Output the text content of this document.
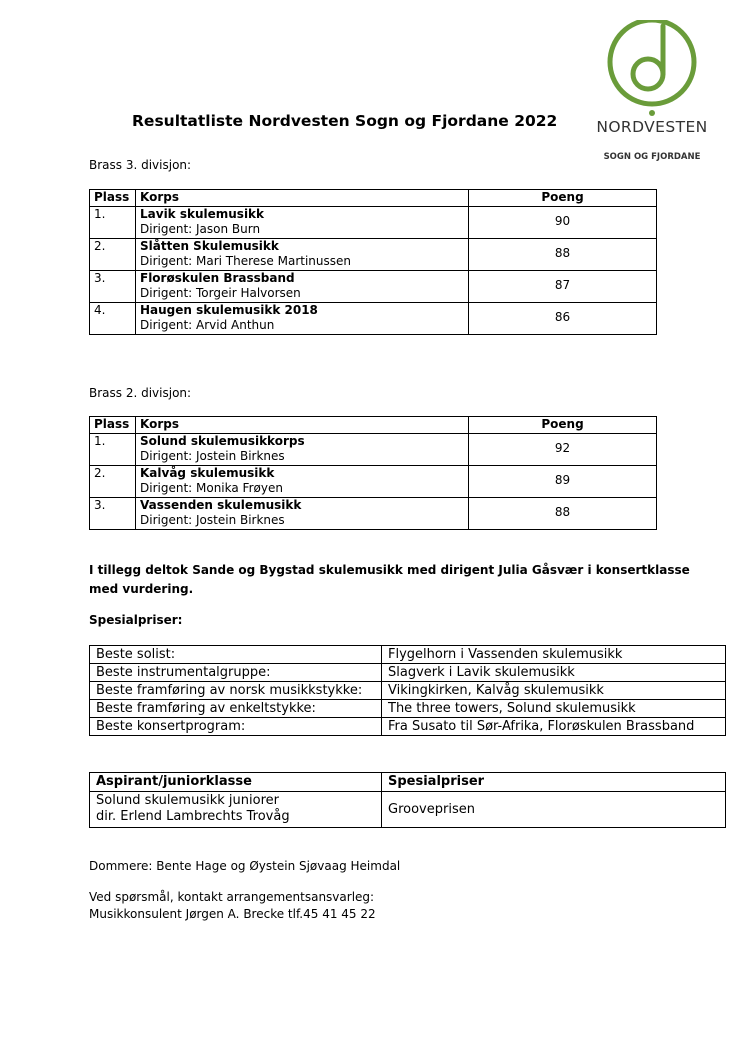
Resultatliste Nordvesten Sogn og Fjordane 2022	NORDVESTEN
SOGN OG FJORDANE
Brass 3. divisjon:
Plass	Korps	Poeng
1.	Lavik skulemusikk
Dirigent: Jason Burn	90
2.	Slåtten Skulemusikk
Dirigent: Mari Therese Martinussen	88
3.	Florøskulen Brassband
Dirigent: Torgeir Halvorsen	87
4.	Haugen skulemusikk 2018
Dirigent: Arvid Anthun	86
Brass 2. divisjon:
Plass	Korps	Poeng
1.	Solund skulemusikkorps
Dirigent: Jostein Birknes	92
2.	Kalvåg skulemusikk
Dirigent: Monika Frøyen	89
3.	Vassenden skulemusikk
Dirigent: Jostein Birknes	88
I tillegg deltok Sande og Bygstad skulemusikk med dirigent Julia Gåsvær i konsertklasse
med vurdering.
Spesialpriser:
Beste solist:	Flygelhorn i Vassenden skulemusikk
Beste instrumentalgruppe:	Slagverk i Lavik skulemusikk
Beste framføring av norsk musikkstykke:	Vikingkirken, Kalvåg skulemusikk
Beste framføring av enkeltstykke:	The three towers, Solund skulemusikk
Beste konsertprogram:	Fra Susato til Sør-Afrika, Florøskulen Brassband
Aspirant/juniorklasse	Spesialpriser

Solund skulemusikk juniorer
dir. Erlend Lambrechts Trovåg	Grooveprisen
Dommere: Bente Hage og Øystein Sjøvaag Heimdal
Ved spørsmål, kontakt arrangementsansvarleg:
Musikkonsulent Jørgen A. Brecke tlf.45 41 45 22
